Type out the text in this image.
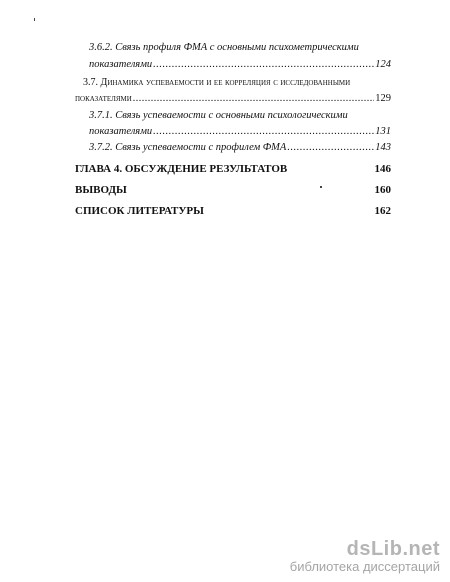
3.6.2. Связь профиля ФМА с основными психометрическими
показателями .....	124
3.7. Динамика успеваемости и ее корреляция с исследованными
показателями .....	129
3.7.1. Связь успеваемости с основными психологическими
показателями .....	131
3.7.2. Связь успеваемости с профилем ФМА .....	143
ГЛАВА 4. ОБСУЖДЕНИЕ РЕЗУЛЬТАТОВ	146
ВЫВОДЫ	160
СПИСОК ЛИТЕРАТУРЫ	162
dsLib.net
библиотека диссертаций
